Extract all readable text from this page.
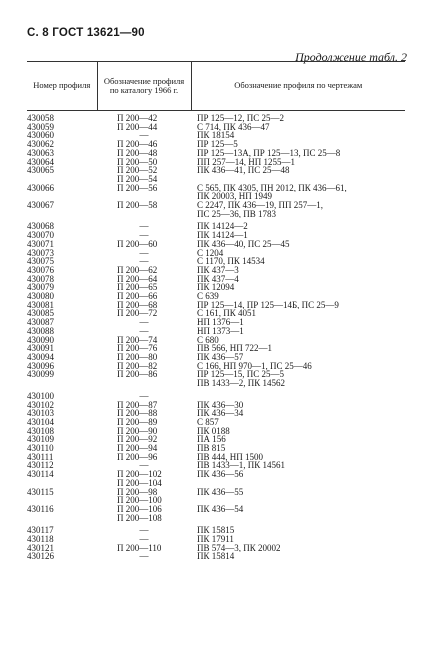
С. 8 ГОСТ 13621—90
Продолжение табл. 2
Номер профиля	Обозначение профиля по каталогу 1966 г.	Обозначение профиля по чертежам
430058	П 200—42	ПР 125—12, ПС 25—2
430059	П 200—44	С 714, ПК 436—47
430060	—	ПК 18154
430062	П 200—46	ПР 125—5
430063	П 200—48	ПР 125—13А, ПР 125—13, ПС 25—8
430064	П 200—50	ПП 257—14, НП 1255—1
430065	П 200—52	ПК 436—41, ПС 25—48
	П 200—54	
430066	П 200—56	С 565, ПК 4305, ПН 2012, ПК 436—61,
		ПК 20003, НП 1949
430067	П 200—58	С 2247, ПК 436—19, ПП 257—1,
		ПС 25—36, ПВ 1783

430068	—	ПК 14124—2
430070	—	ПК 14124—1
430071	П 200—60	ПК 436—40, ПС 25—45
430073	—	С 1204
430075	—	С 1170, ПК 14534
430076	П 200—62	ПК 437—3
430078	П 200—64	ПК 437—4
430079	П 200—65	ПК 12094
430080	П 200—66	С 639
430081	П 200—68	ПР 125—14, ПР 125—14Б, ПС 25—9
430085	П 200—72	С 161, ПК 4051
430087	—	НП 1376—1
430088	—	НП 1373—1
430090	П 200—74	С 680
430091	П 200—76	ПВ 566, НП 722—1
430094	П 200—80	ПК 436—57
430096	П 200—82	С 166, НП 970—1, ПС 25—46
430099	П 200—86	ПР 125—15, ПС 25—5
		ПВ 1433—2, ПК 14562

430100	—	
430102	П 200—87	ПК 436—30
430103	П 200—88	ПК 436—34
430104	П 200—89	С 857
430108	П 200—90	ПК 0188
430109	П 200—92	ПА 156
430110	П 200—94	ПВ 815
430111	П 200—96	ПВ 444, НП 1500
430112	—	ПВ 1433—1, ПК 14561
430114	П 200—102	ПК 436—56
	П 200—104	
430115	П 200—98	ПК 436—55
	П 200—100	
430116	П 200—106	ПК 436—54
	П 200—108	

430117	—	ПК 15815
430118	—	ПК 17911
430121	П 200—110	ПВ 574—3, ПК 20002
430126	—	ПК 15814
